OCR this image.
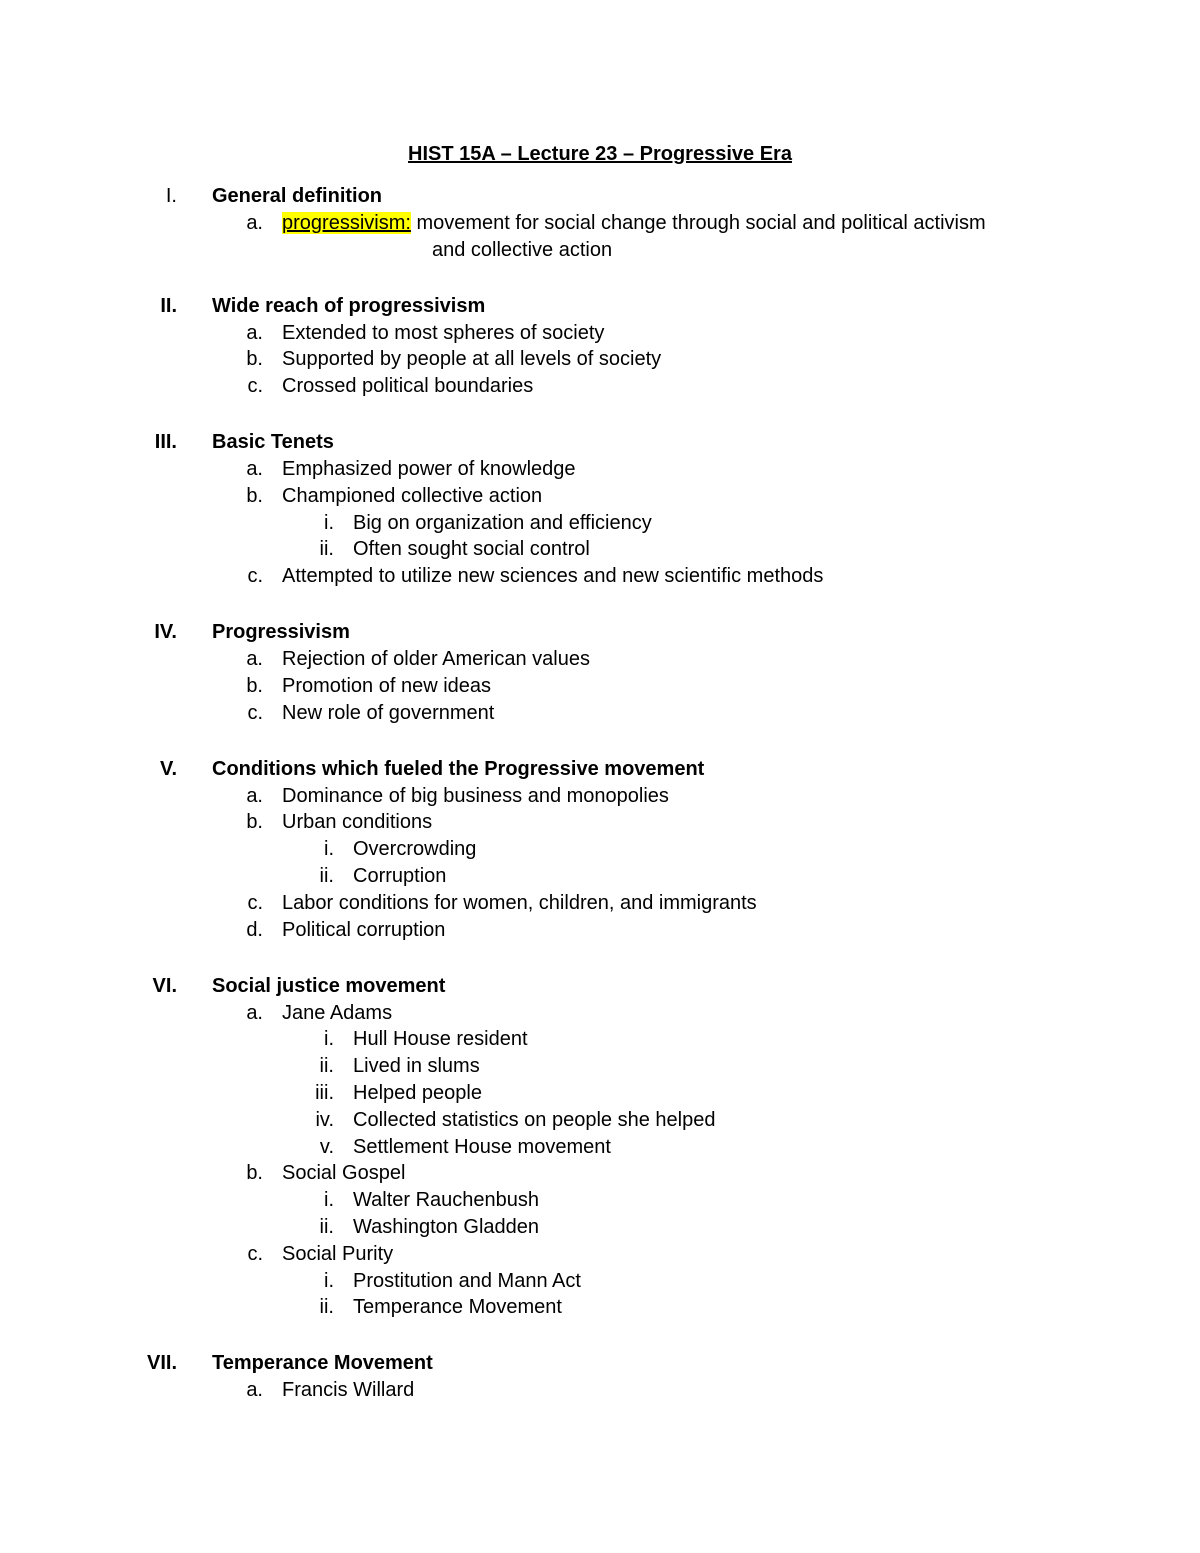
HIST 15A – Lecture 23 – Progressive Era
I. General definition
a. progressivism: movement for social change through social and political activism
and collective action
II. Wide reach of progressivism
a. Extended to most spheres of society
b. Supported by people at all levels of society
c. Crossed political boundaries
III. Basic Tenets
a. Emphasized power of knowledge
b. Championed collective action
i. Big on organization and efficiency
ii. Often sought social control
c. Attempted to utilize new sciences and new scientific methods
IV. Progressivism
a. Rejection of older American values
b. Promotion of new ideas
c. New role of government
V. Conditions which fueled the Progressive movement
a. Dominance of big business and monopolies
b. Urban conditions
i. Overcrowding
ii. Corruption
c. Labor conditions for women, children, and immigrants
d. Political corruption
VI. Social justice movement
a. Jane Adams
i. Hull House resident
ii. Lived in slums
iii. Helped people
iv. Collected statistics on people she helped
v. Settlement House movement
b. Social Gospel
i. Walter Rauchenbush
ii. Washington Gladden
c. Social Purity
i. Prostitution and Mann Act
ii. Temperance Movement
VII. Temperance Movement
a. Francis Willard
